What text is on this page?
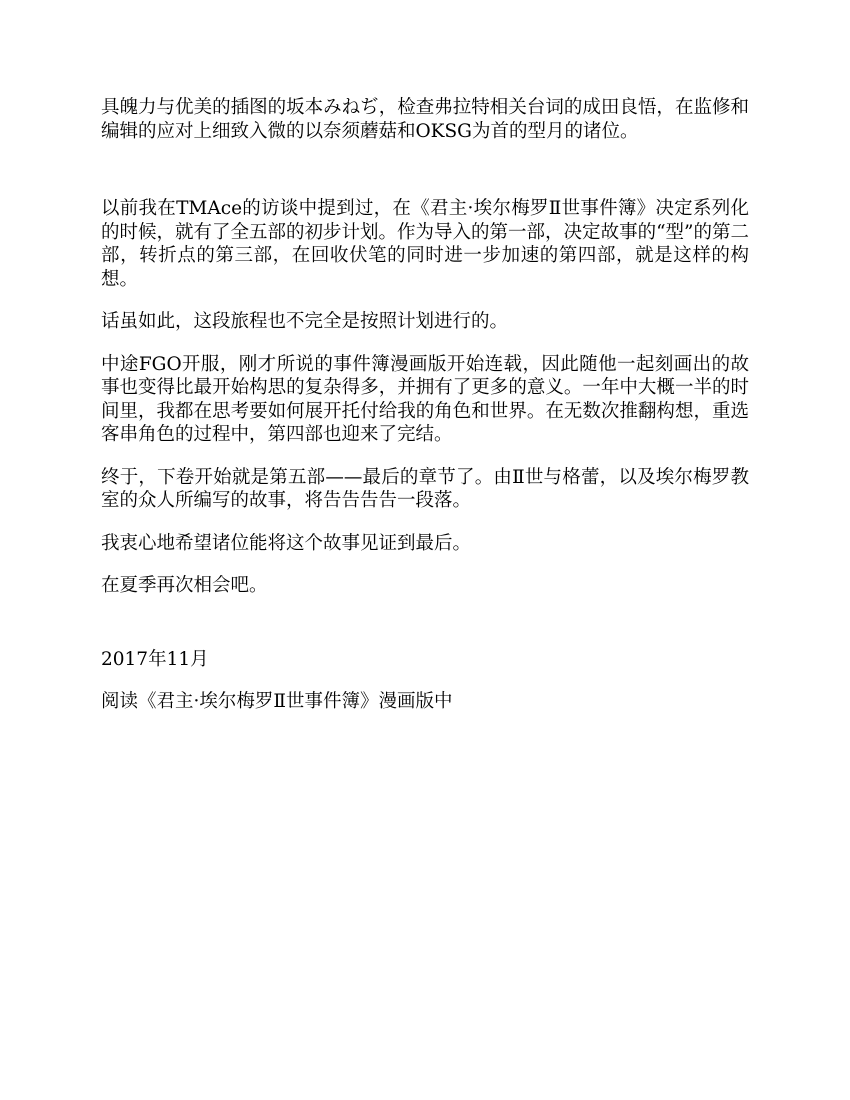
具魄力与优美的插图的坂本みねぢ，检查弗拉特相关台词的成田良悟，在监修和编辑的应对上细致入微的以奈须蘑菇和OKSG为首的型月的诸位。

以前我在TMAce的访谈中提到过，在《君主·埃尔梅罗Ⅱ世事件簿》决定系列化的时候，就有了全五部的初步计划。作为导入的第一部，决定故事的“型”的第二部，转折点的第三部，在回收伏笔的同时进一步加速的第四部，就是这样的构想。

话虽如此，这段旅程也不完全是按照计划进行的。

中途FGO开服，刚才所说的事件簿漫画版开始连载，因此随他一起刻画出的故事也变得比最开始构思的复杂得多，并拥有了更多的意义。一年中大概一半的时间里，我都在思考要如何展开托付给我的角色和世界。在无数次推翻构想，重选客串角色的过程中，第四部也迎来了完结。

终于，下卷开始就是第五部——最后的章节了。由Ⅱ世与格蕾，以及埃尔梅罗教室的众人所编写的故事，将告告告告一段落。

我衷心地希望诸位能将这个故事见证到最后。

在夏季再次相会吧。

2017年11月

阅读《君主·埃尔梅罗Ⅱ世事件簿》漫画版中
